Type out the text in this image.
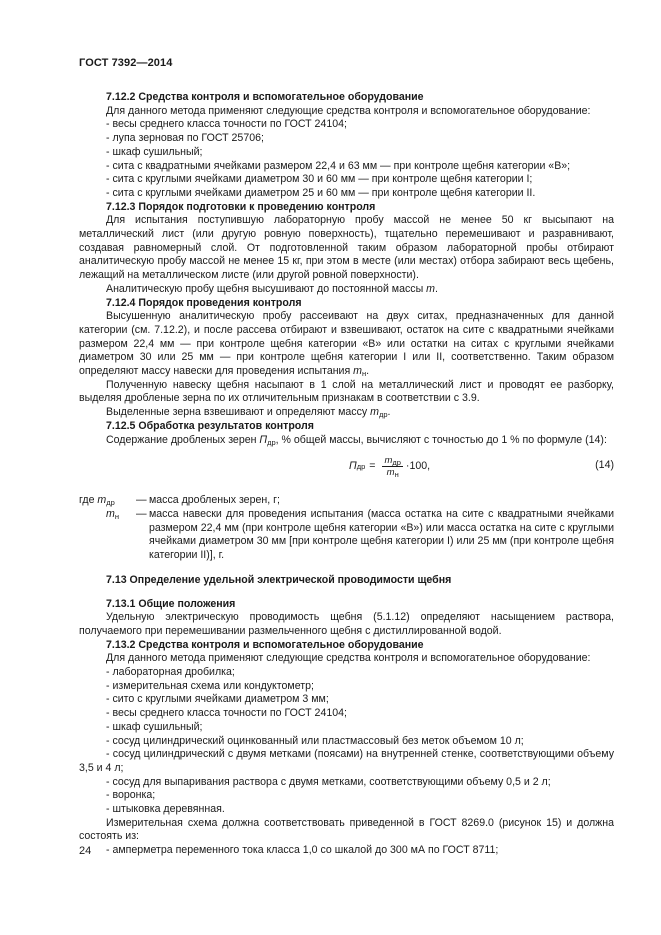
ГОСТ 7392—2014

7.12.2 Средства контроля и вспомогательное оборудование

Для данного метода применяют следующие средства контроля и вспомогательное оборудование:

- весы среднего класса точности по ГОСТ 24104;

- лупа зерновая по ГОСТ 25706;

- шкаф сушильный;

- сита с квадратными ячейками размером 22,4 и 63 мм — при контроле щебня категории «В»;

- сита с круглыми ячейками диаметром 30 и 60 мм — при контроле щебня категории I;

- сита с круглыми ячейками диаметром 25 и 60 мм — при контроле щебня категории II.

7.12.3 Порядок подготовки к проведению контроля

Для испытания поступившую лабораторную пробу массой не менее 50 кг высыпают на металлический лист (или другую ровную поверхность), тщательно перемешивают и разравнивают, создавая равномерный слой. От подготовленной таким образом лабораторной пробы отбирают аналитическую пробу массой не менее 15 кг, при этом в месте (или местах) отбора забирают весь щебень, лежащий на металлическом листе (или другой ровной поверхности).

Аналитическую пробу щебня высушивают до постоянной массы m.

7.12.4 Порядок проведения контроля

Высушенную аналитическую пробу рассеивают на двух ситах, предназначенных для данной категории (см. 7.12.2), и после рассева отбирают и взвешивают, остаток на сите с квадратными ячейками размером 22,4 мм — при контроле щебня категории «В» или остатки на ситах с круглыми ячейками диаметром 30 или 25 мм — при контроле щебня категории I или II, соответственно. Таким образом определяют массу навески для проведения испытания $m_н$.

Полученную навеску щебня насыпают в 1 слой на металлический лист и проводят ее разборку, выделяя дробленые зерна по их отличительным признакам в соответствии с 3.9.

Выделенные зерна взвешивают и определяют массу $m_{др}$.

7.12.5 Обработка результатов контроля

Содержание дробленых зерен $П_{др}$, % общей массы, вычисляют с точностью до 1 % по формуле (14):

П др = $\frac{m_{др}}{m_н} \cdot 100$,	(14)
где $m_{др}$	— масса дробленых зерен, г;
$m_н$	— масса навески для проведения испытания (масса остатка на сите с квадратными ячейками размером 22,4 мм (при контроле щебня категории «В») или масса остатка на сите с круглыми ячейками диаметром 30 мм [при контроле щебня категории I) или 25 мм (при контроле щебня категории II)], г.

7.13 Определение удельной электрической проводимости щебня

7.13.1 Общие положения

Удельную электрическую проводимость щебня (5.1.12) определяют насыщением раствора, получаемого при перемешивании размельченного щебня с дистиллированной водой.

7.13.2 Средства контроля и вспомогательное оборудование

Для данного метода применяют следующие средства контроля и вспомогательное оборудование:

- лабораторная дробилка;

- измерительная схема или кондуктометр;

- сито с круглыми ячейками диаметром 3 мм;

- весы среднего класса точности по ГОСТ 24104;

- шкаф сушильный;

- сосуд цилиндрический оцинкованный или пластмассовый без меток объемом 10 л;

- сосуд цилиндрический с двумя метками (поясами) на внутренней стенке, соответствующими объему 3,5 и 4 л;

- сосуд для выпаривания раствора с двумя метками, соответствующими объему 0,5 и 2 л;

- воронка;

- штыковка деревянная.

Измерительная схема должна соответствовать приведенной в ГОСТ 8269.0 (рисунок 15) и должна состоять из:

- амперметра переменного тока класса 1,0 со шкалой до 300 мА по ГОСТ 8711;

24
